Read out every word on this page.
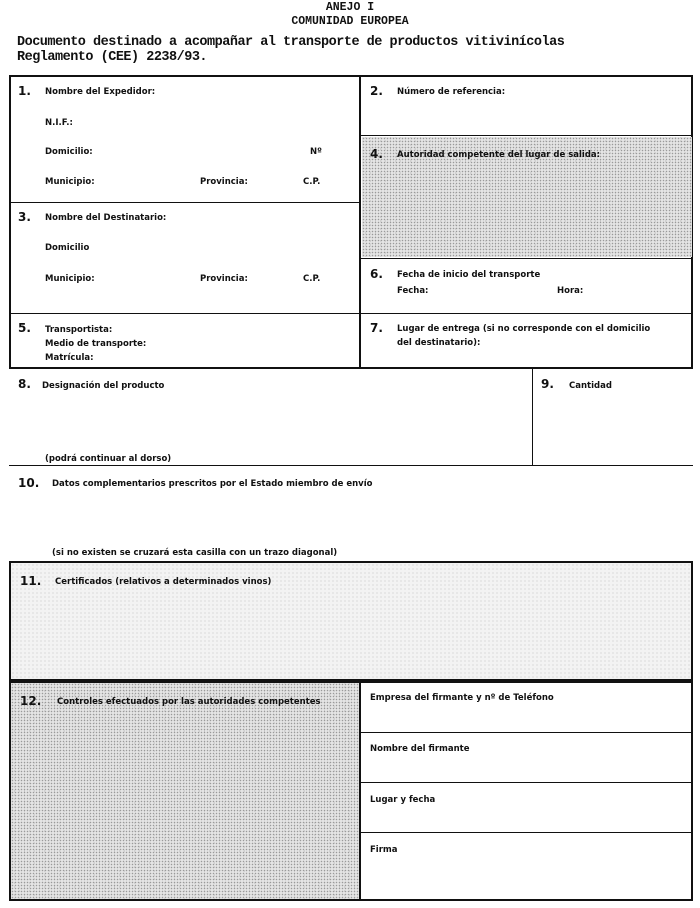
ANEJO I
COMUNIDAD EUROPEA
Documento destinado a acompañar al transporte de productos vitivinícolas
Reglamento (CEE) 2238/93.
1. Nombre del Expedidor:
N.I.F.:
Domicilio:	Nº
Municipio:	Provincia:	C.P.
2. Número de referencia:
3. Nombre del Destinatario:
Domicilio
Municipio:	Provincia:	C.P.
4. Autoridad competente del lugar de salida:
5. Transportista:
Medio de transporte:
Matrícula:
6. Fecha de inicio del transporte
Fecha:	Hora:
7. Lugar de entrega (si no corresponde con el domicilio
del destinatario):
8. Designación del producto
(podrá continuar al dorso)
9. Cantidad
10. Datos complementarios prescritos por el Estado miembro de envío
(si no existen se cruzará esta casilla con un trazo diagonal)
11. Certificados (relativos a determinados vinos)
12. Controles efectuados por las autoridades competentes	Empresa del firmante y nº de Teléfono
Nombre del firmante
Lugar y fecha
Firma
